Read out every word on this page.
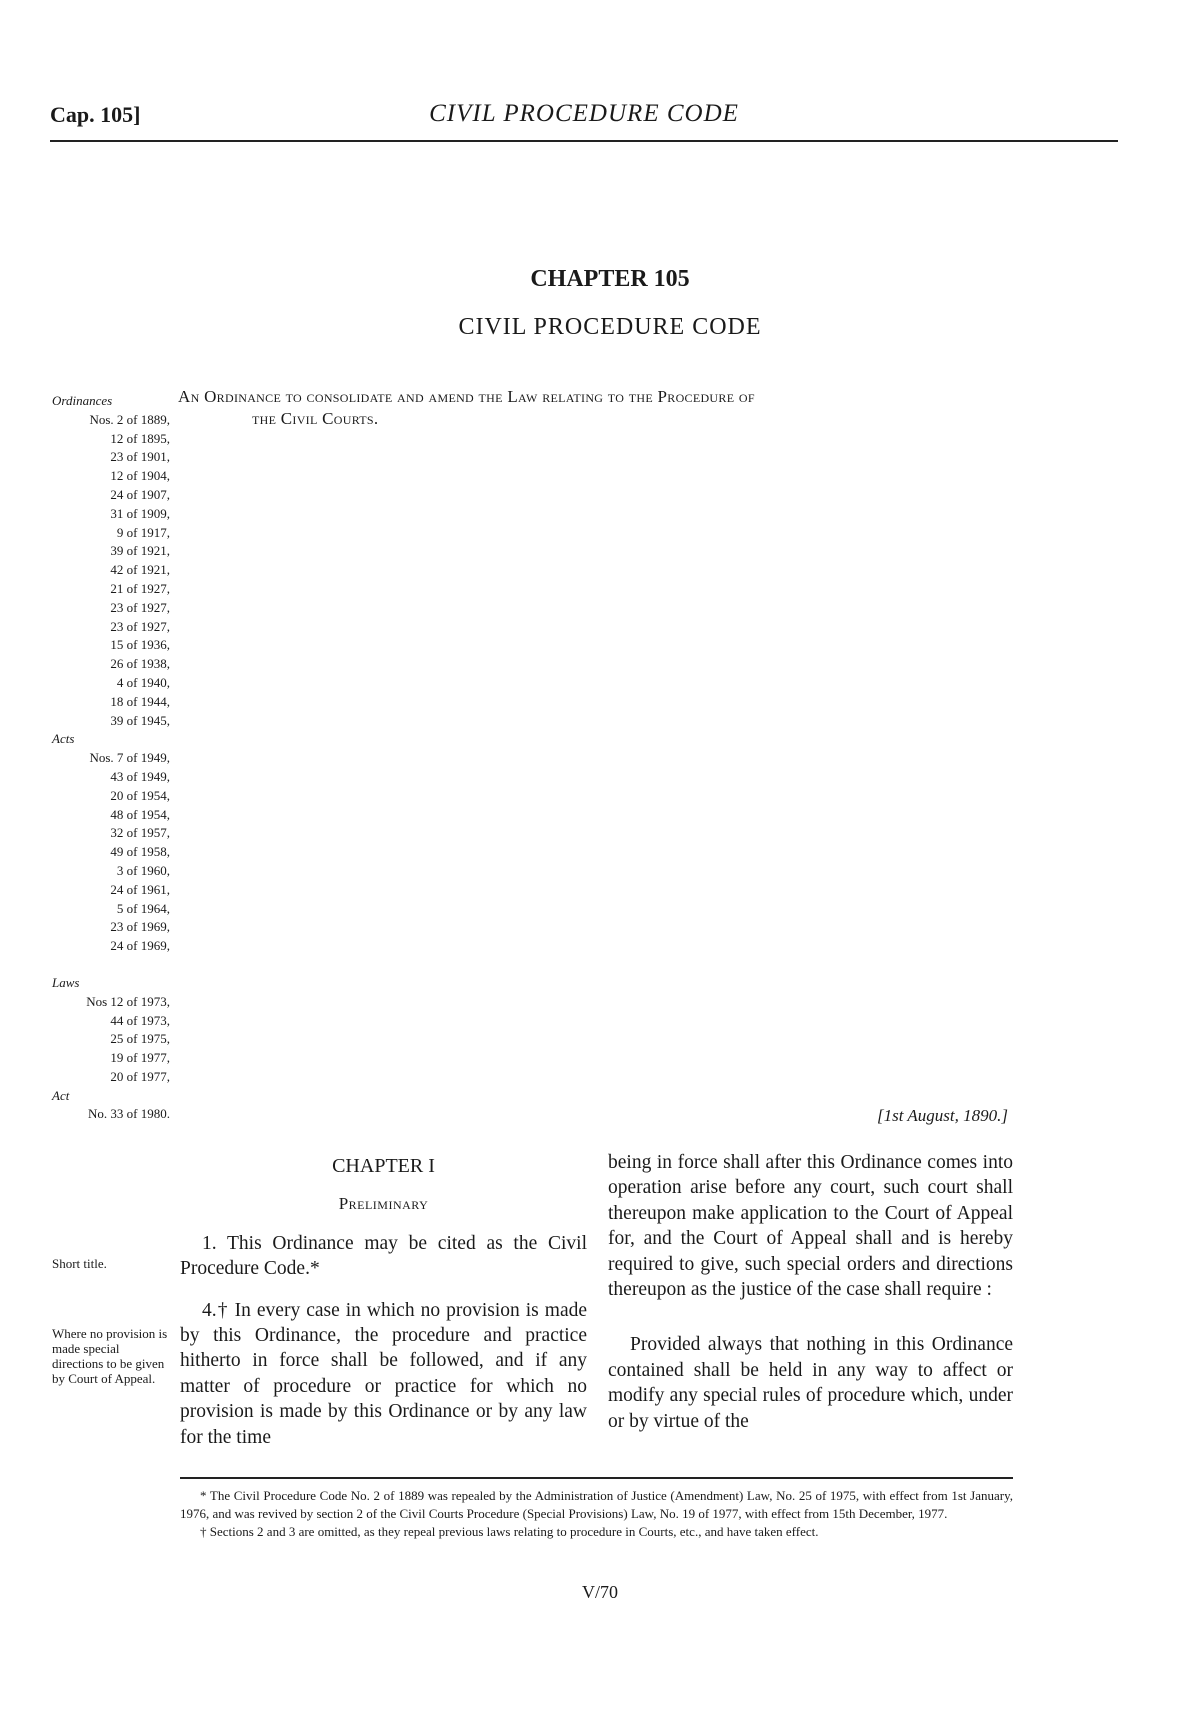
Cap. 105]	CIVIL PROCEDURE CODE
CHAPTER 105
CIVIL PROCEDURE CODE
An Ordinance to consolidate and amend the Law relating to the Procedure of
the Civil Courts.
Ordinances
Nos. 2 of 1889,
12 of 1895,
23 of 1901,
12 of 1904,
24 of 1907,
31 of 1909,
9 of 1917,
39 of 1921,
42 of 1921,
21 of 1927,
23 of 1927,
23 of 1927,
15 of 1936,
26 of 1938,
4 of 1940,
18 of 1944,
39 of 1945,
Acts
Nos. 7 of 1949,
43 of 1949,
20 of 1954,
48 of 1954,
32 of 1957,
49 of 1958,
3 of 1960,
24 of 1961,
5 of 1964,
23 of 1969,
24 of 1969,
Laws
Nos 12 of 1973,
44 of 1973,
25 of 1975,
19 of 1977,
20 of 1977,
Act
No. 33 of 1980.	[1st August, 1890.]
CHAPTER I
Preliminary

1. This Ordinance may be cited as the Civil Procedure Code.*

4.† In every case in which no provision is made by this Ordinance, the procedure and practice hitherto in force shall be followed, and if any matter of procedure or practice for which no provision is made by this Ordinance or by any law for the time

Short title.
Where no provision is made special directions to be given by Court of Appeal.

being in force shall after this Ordinance comes into operation arise before any court, such court shall thereupon make application to the Court of Appeal for, and the Court of Appeal shall and is hereby required to give, such special orders and directions thereupon as the justice of the case shall require :

Provided always that nothing in this Ordinance contained shall be held in any way to affect or modify any special rules of procedure which, under or by virtue of the

* The Civil Procedure Code No. 2 of 1889 was repealed by the Administration of Justice (Amendment) Law, No. 25 of 1975, with effect from 1st January, 1976, and was revived by section 2 of the Civil Courts Procedure (Special Provisions) Law, No. 19 of 1977, with effect from 15th December, 1977.

† Sections 2 and 3 are omitted, as they repeal previous laws relating to procedure in Courts, etc., and have taken effect.

V/70
